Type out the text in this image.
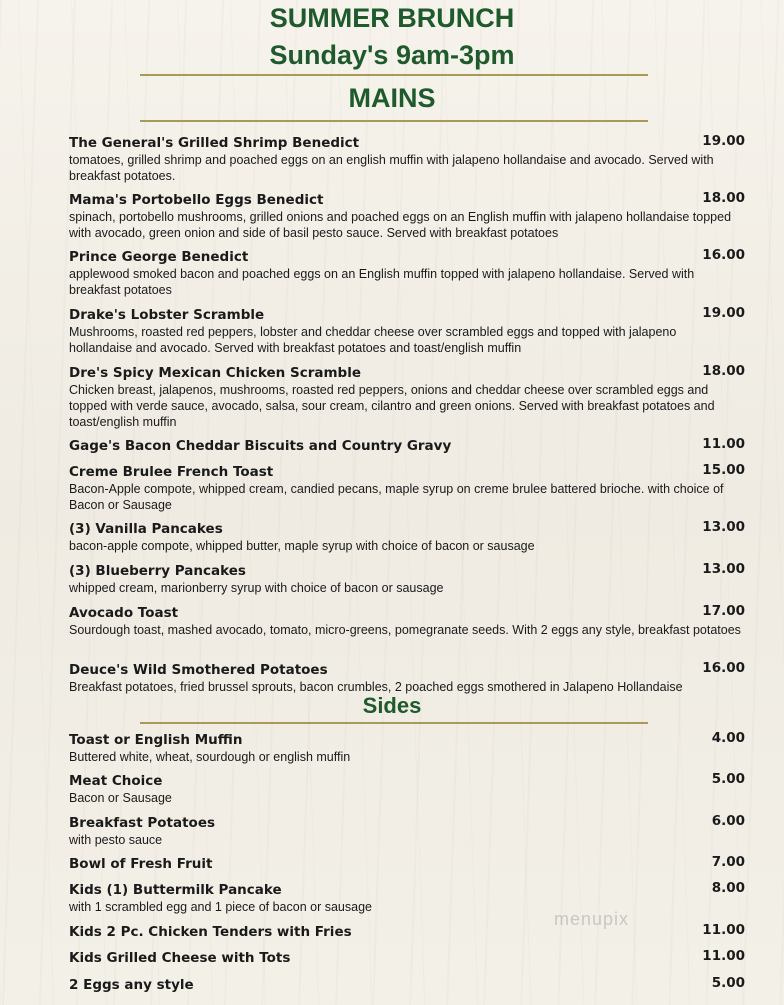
SUMMER BRUNCH
Sunday's 9am-3pm
MAINS
The General's Grilled Shrimp Benedict	19.00
tomatoes, grilled shrimp and poached eggs on an english muffin with jalapeno hollandaise and avocado. Served with breakfast potatoes.
Mama's Portobello Eggs Benedict	18.00
spinach, portobello mushrooms, grilled onions and poached eggs on an English muffin with jalapeno hollandaise topped with avocado, green onion and side of basil pesto sauce. Served with breakfast potatoes
Prince George Benedict	16.00
applewood smoked bacon and poached eggs on an English muffin topped with jalapeno hollandaise. Served with breakfast potatoes
Drake's Lobster Scramble	19.00
Mushrooms, roasted red peppers, lobster and cheddar cheese over scrambled eggs and topped with jalapeno hollandaise and avocado. Served with breakfast potatoes and toast/english muffin
Dre's Spicy Mexican Chicken Scramble	18.00
Chicken breast, jalapenos, mushrooms, roasted red peppers, onions and cheddar cheese over scrambled eggs and topped with verde sauce, avocado, salsa, sour cream, cilantro and green onions. Served with breakfast potatoes and toast/english muffin
Gage's Bacon Cheddar Biscuits and Country Gravy	11.00
Creme Brulee French Toast	15.00
Bacon-Apple compote, whipped cream, candied pecans, maple syrup on creme brulee battered brioche. with choice of Bacon or Sausage
(3) Vanilla Pancakes	13.00
bacon-apple compote, whipped butter, maple syrup with choice of bacon or sausage
(3) Blueberry Pancakes	13.00
whipped cream, marionberry syrup with choice of bacon or sausage
Avocado Toast	17.00
Sourdough toast, mashed avocado, tomato, micro-greens, pomegranate seeds. With 2 eggs any style, breakfast potatoes
Deuce's Wild Smothered Potatoes	16.00
Breakfast potatoes, fried brussel sprouts, bacon crumbles, 2 poached eggs smothered in Jalapeno Hollandaise
Sides
Toast or English Muffin	4.00
Buttered white, wheat, sourdough or english muffin
Meat Choice	5.00
Bacon or Sausage
Breakfast Potatoes	6.00
with pesto sauce
Bowl of Fresh Fruit	7.00
Kids (1) Buttermilk Pancake	8.00
with 1 scrambled egg and 1 piece of bacon or sausage
Kids 2 Pc. Chicken Tenders with Fries	11.00
Kids Grilled Cheese with Tots	11.00
2 Eggs any style	5.00
menupix
